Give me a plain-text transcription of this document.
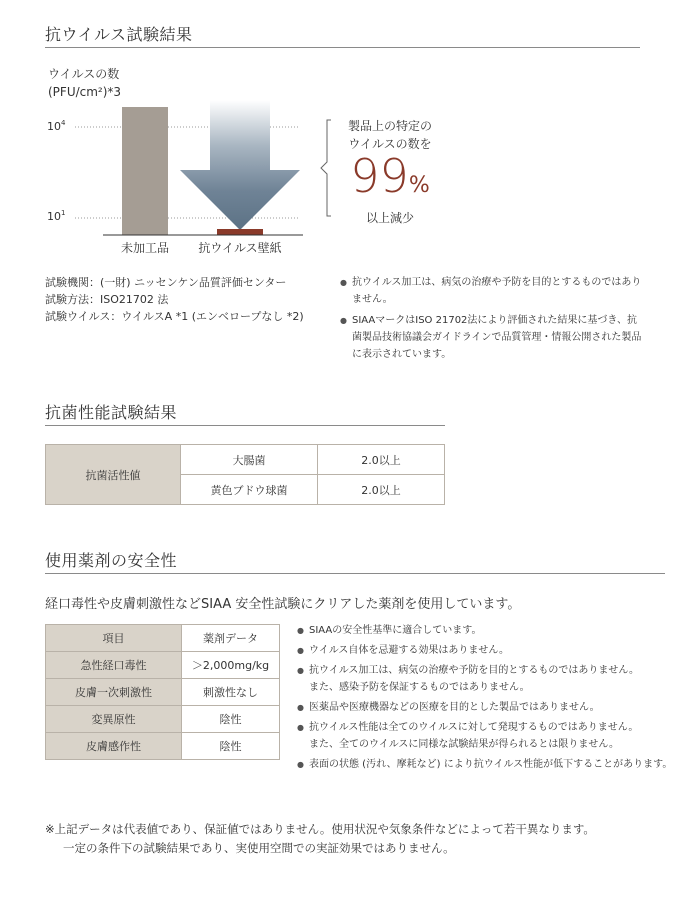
抗ウイルス試験結果
ウイルスの数
(PFU/cm²)*3
$10^4$
$10^1$
未加工品 抗ウイルス壁紙
製品上の特定の
ウイルスの数を
99%
以上減少
試験機関：(一財) ニッセンケン品質評価センター
試験方法：ISO21702 法
試験ウイルス：ウイルスA *1 (エンベロープなし *2)
● 抗ウイルス加工は、病気の治療や予防を目的とするものではあり
ません。
● SIAAマークはISO 21702法により評価された結果に基づき、抗
菌製品技術協議会ガイドラインで品質管理・情報公開された製品
に表示されています。
抗菌性能試験結果
抗菌活性値	大腸菌	2.0以上
	黄色ブドウ球菌	2.0以上
使用薬剤の安全性
経口毒性や皮膚刺激性などSIAA 安全性試験にクリアした薬剤を使用しています。
項目	薬剤データ
急性経口毒性	＞2,000mg/kg
皮膚一次刺激性	刺激性なし
変異原性	陰性
皮膚感作性	陰性
● SIAAの安全性基準に適合しています。
● ウイルス自体を忌避する効果はありません。
● 抗ウイルス加工は、病気の治療や予防を目的とするものではありません。
また、感染予防を保証するものではありません。
● 医薬品や医療機器などの医療を目的とした製品ではありません。
● 抗ウイルス性能は全てのウイルスに対して発現するものではありません。
また、全てのウイルスに同様な試験結果が得られるとは限りません。
● 表面の状態 (汚れ、摩耗など) により抗ウイルス性能が低下することがあります。
※上記データは代表値であり、保証値ではありません。使用状況や気象条件などによって若干異なります。
一定の条件下の試験結果であり、実使用空間での実証効果ではありません。
